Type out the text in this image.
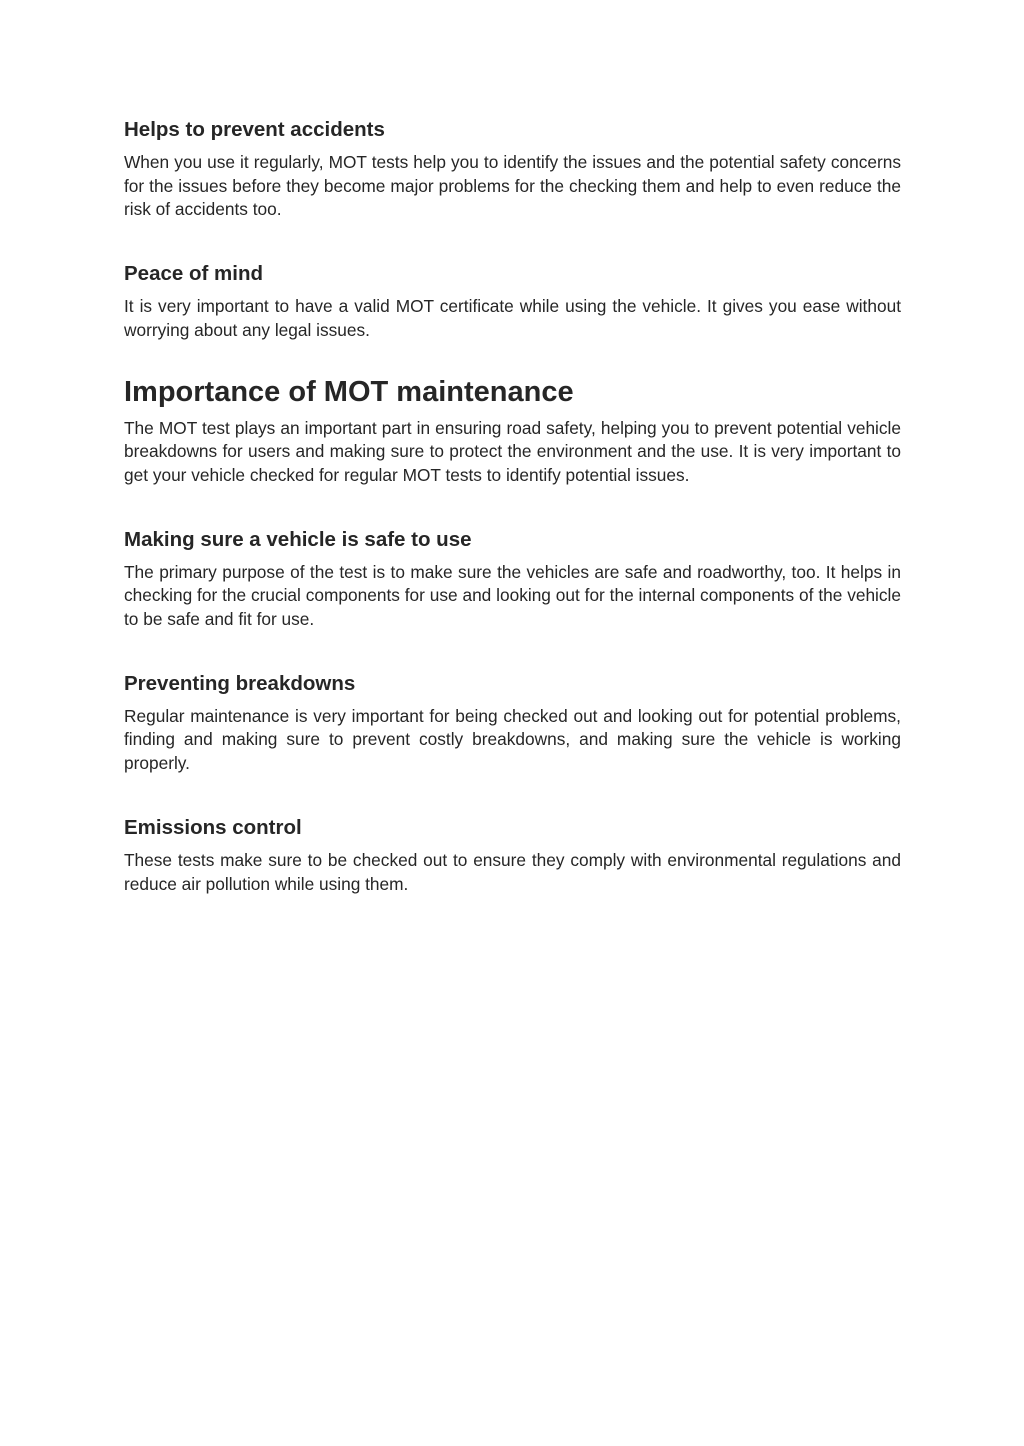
Helps to prevent accidents

When you use it regularly, MOT tests help you to identify the issues and the potential safety concerns for the issues before they become major problems for the checking them and help to even reduce the risk of accidents too.

Peace of mind

It is very important to have a valid MOT certificate while using the vehicle. It gives you ease without worrying about any legal issues.

Importance of MOT maintenance

The MOT test plays an important part in ensuring road safety, helping you to prevent potential vehicle breakdowns for users and making sure to protect the environment and the use. It is very important to get your vehicle checked for regular MOT tests to identify potential issues.

Making sure a vehicle is safe to use

The primary purpose of the test is to make sure the vehicles are safe and roadworthy, too. It helps in checking for the crucial components for use and looking out for the internal components of the vehicle to be safe and fit for use.

Preventing breakdowns

Regular maintenance is very important for being checked out and looking out for potential problems, finding and making sure to prevent costly breakdowns, and making sure the vehicle is working properly.

Emissions control

These tests make sure to be checked out to ensure they comply with environmental regulations and reduce air pollution while using them.
